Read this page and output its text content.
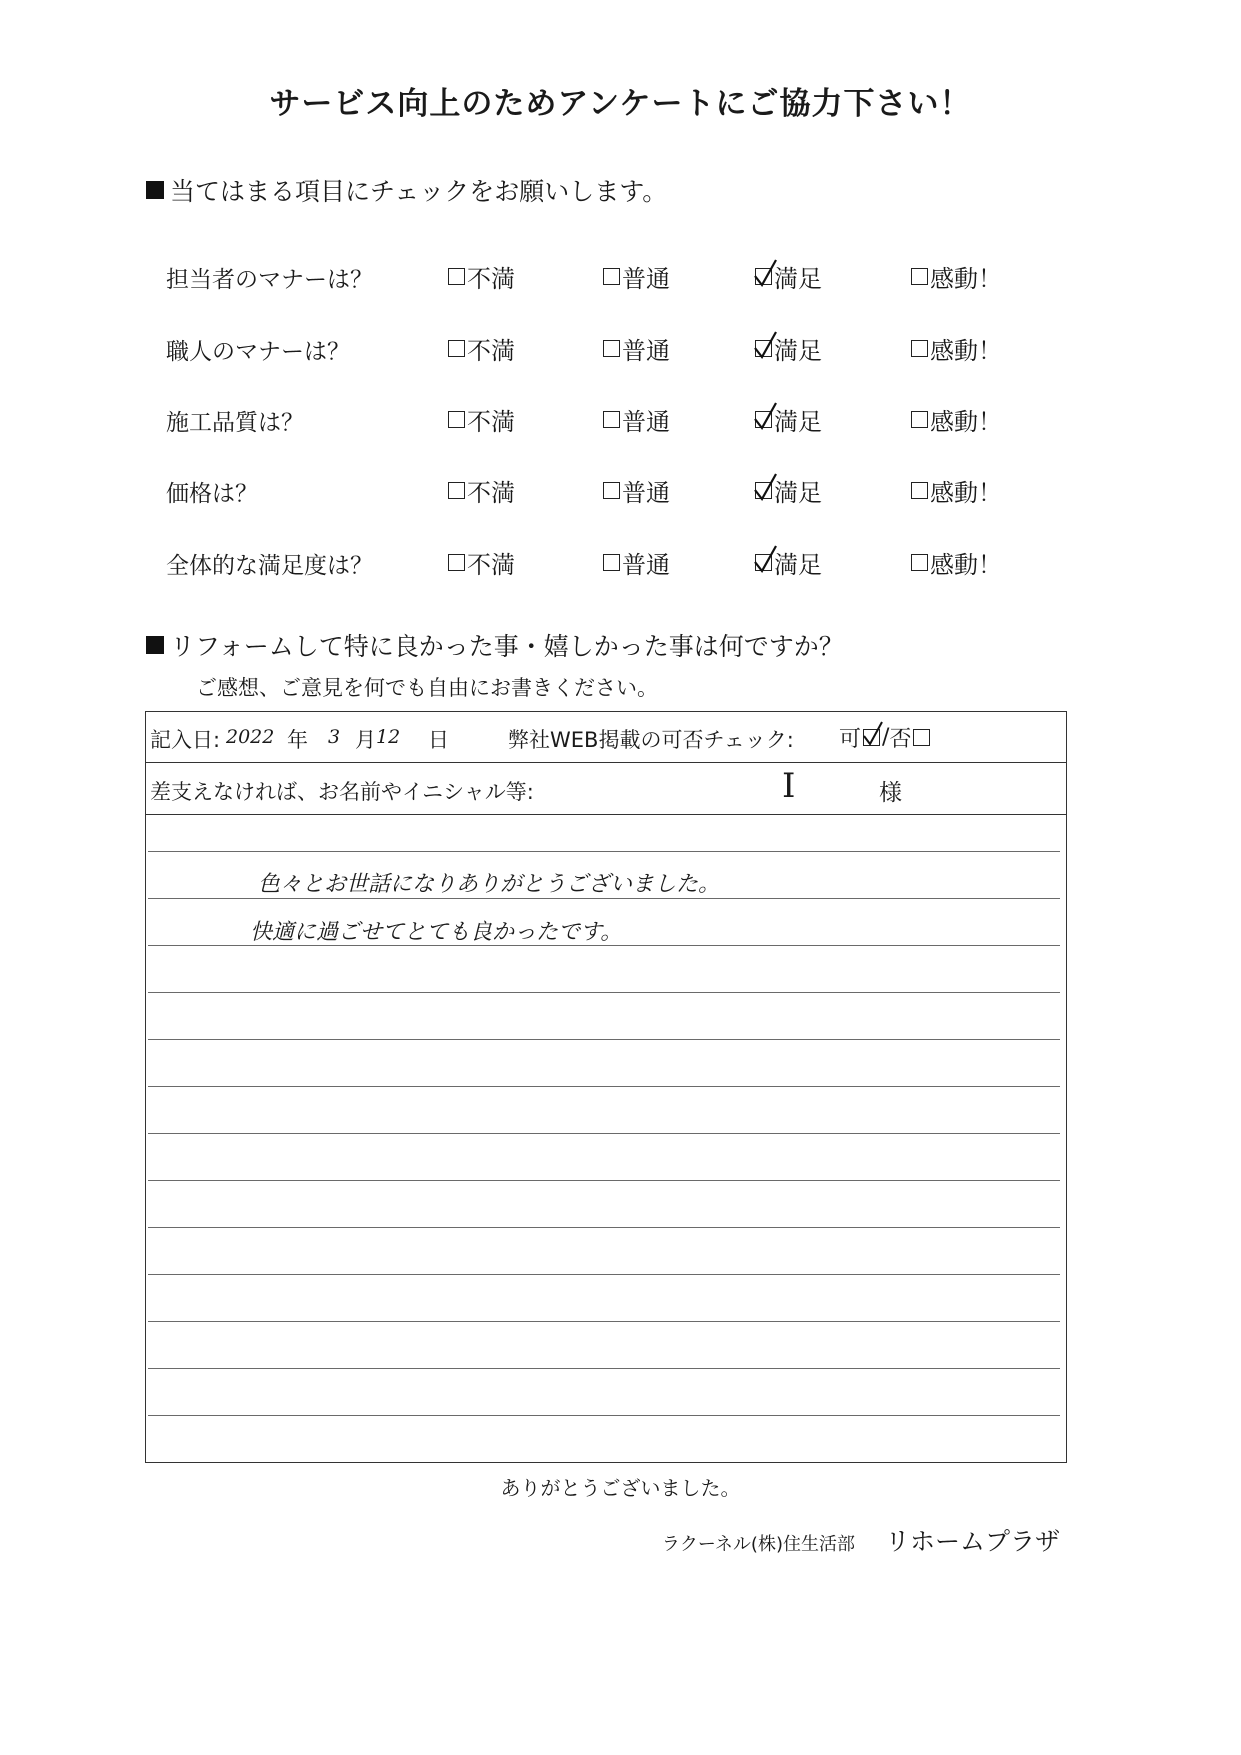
サービス向上のためアンケートにご協力下さい！
当てはまる項目にチェックをお願いします。
担当者のマナーは？	不満	普通	満足	感動！
職人のマナーは？	不満	普通	満足	感動！
施工品質は？	不満	普通	満足	感動！
価格は？	不満	普通	満足	感動！
全体的な満足度は？	不満	普通	満足	感動！
リフォームして特に良かった事・嬉しかった事は何ですか？
ご感想、ご意見を何でも自由にお書きください。
記入日: 2022 年 3 月 12 日	弊社WEB掲載の可否チェック: 可 / 否
差支えなければ、お名前やイニシャル等:	I	様
色々とお世話になりありがとうございました。
快適に過ごせてとても良かったです。
ありがとうございました。
ラクーネル(株)住生活部 リホームプラザ
